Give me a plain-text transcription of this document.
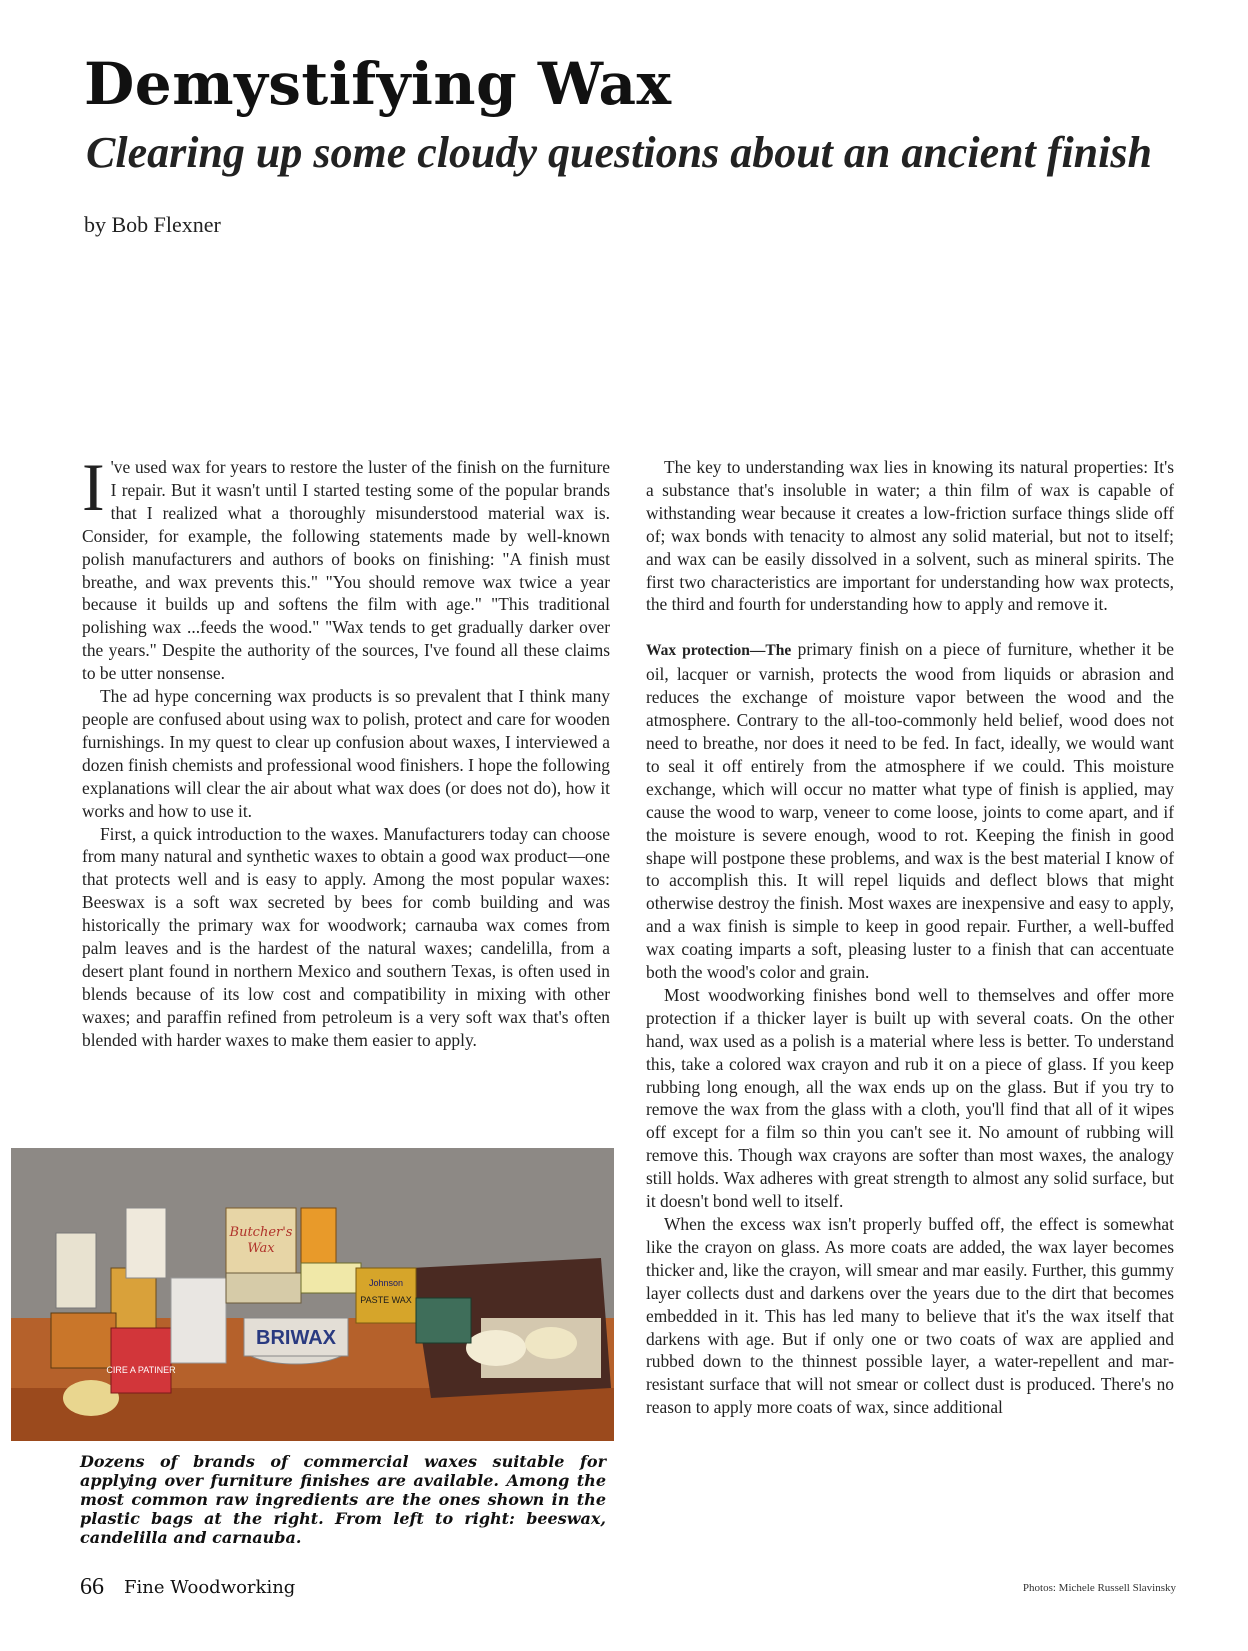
Demystifying Wax
Clearing up some cloudy questions about an ancient finish
by Bob Flexner

I 've used wax for years to restore the luster of the finish on the furniture I repair. But it wasn't until I started testing some of the popular brands that I realized what a thoroughly misunderstood material wax is. Consider, for example, the following statements made by well-known polish manufacturers and authors of books on finishing: "A finish must breathe, and wax prevents this." "You should remove wax twice a year because it builds up and softens the film with age." "This traditional polishing wax ...feeds the wood." "Wax tends to get gradually darker over the years." Despite the authority of the sources, I've found all these claims to be utter nonsense.

The ad hype concerning wax products is so prevalent that I think many people are confused about using wax to polish, protect and care for wooden furnishings. In my quest to clear up confusion about waxes, I interviewed a dozen finish chemists and professional wood finishers. I hope the following explanations will clear the air about what wax does (or does not do), how it works and how to use it.

First, a quick introduction to the waxes. Manufacturers today can choose from many natural and synthetic waxes to obtain a good wax product—one that protects well and is easy to apply. Among the most popular waxes: Beeswax is a soft wax secreted by bees for comb building and was historically the primary wax for woodwork; carnauba wax comes from palm leaves and is the hardest of the natural waxes; candelilla, from a desert plant found in northern Mexico and southern Texas, is often used in blends because of its low cost and compatibility in mixing with other waxes; and paraffin refined from petroleum is a very soft wax that's often blended with harder waxes to make them easier to apply.

The key to understanding wax lies in knowing its natural properties: It's a substance that's insoluble in water; a thin film of wax is capable of withstanding wear because it creates a low-friction surface things slide off of; wax bonds with tenacity to almost any solid material, but not to itself; and wax can be easily dissolved in a solvent, such as mineral spirits. The first two characteristics are important for understanding how wax protects, the third and fourth for understanding how to apply and remove it.

Wax protection—The primary finish on a piece of furniture, whether it be oil, lacquer or varnish, protects the wood from liquids or abrasion and reduces the exchange of moisture vapor between the wood and the atmosphere. Contrary to the all-too-commonly held belief, wood does not need to breathe, nor does it need to be fed. In fact, ideally, we would want to seal it off entirely from the atmosphere if we could. This moisture exchange, which will occur no matter what type of finish is applied, may cause the wood to warp, veneer to come loose, joints to come apart, and if the moisture is severe enough, wood to rot. Keeping the finish in good shape will postpone these problems, and wax is the best material I know of to accomplish this. It will repel liquids and deflect blows that might otherwise destroy the finish. Most waxes are inexpensive and easy to apply, and a wax finish is simple to keep in good repair. Further, a well-buffed wax coating imparts a soft, pleasing luster to a finish that can accentuate both the wood's color and grain.

Most woodworking finishes bond well to themselves and offer more protection if a thicker layer is built up with several coats. On the other hand, wax used as a polish is a material where less is better. To understand this, take a colored wax crayon and rub it on a piece of glass. If you keep rubbing long enough, all the wax ends up on the glass. But if you try to remove the wax from the glass with a cloth, you'll find that all of it wipes off except for a film so thin you can't see it. No amount of rubbing will remove this. Though wax crayons are softer than most waxes, the analogy still holds. Wax adheres with great strength to almost any solid surface, but it doesn't bond well to itself.

When the excess wax isn't properly buffed off, the effect is somewhat like the crayon on glass. As more coats are added, the wax layer becomes thicker and, like the crayon, will smear and mar easily. Further, this gummy layer collects dust and darkens over the years due to the dirt that becomes embedded in it. This has led many to believe that it's the wax itself that darkens with age. But if only one or two coats of wax are applied and rubbed down to the thinnest possible layer, a water-repellent and mar-resistant surface that will not smear or collect dust is produced. There's no reason to apply more coats of wax, since additional

CIRE A PATINER
Butcher's
Wax
BRIWAX
Johnson
PASTE WAX
Dozens of brands of commercial waxes suitable for applying over furniture finishes are available. Among the most common raw ingredients are the ones shown in the plastic bags at the right. From left to right: beeswax, candelilla and carnauba.
66 Fine Woodworking	Photos: Michele Russell Slavinsky
